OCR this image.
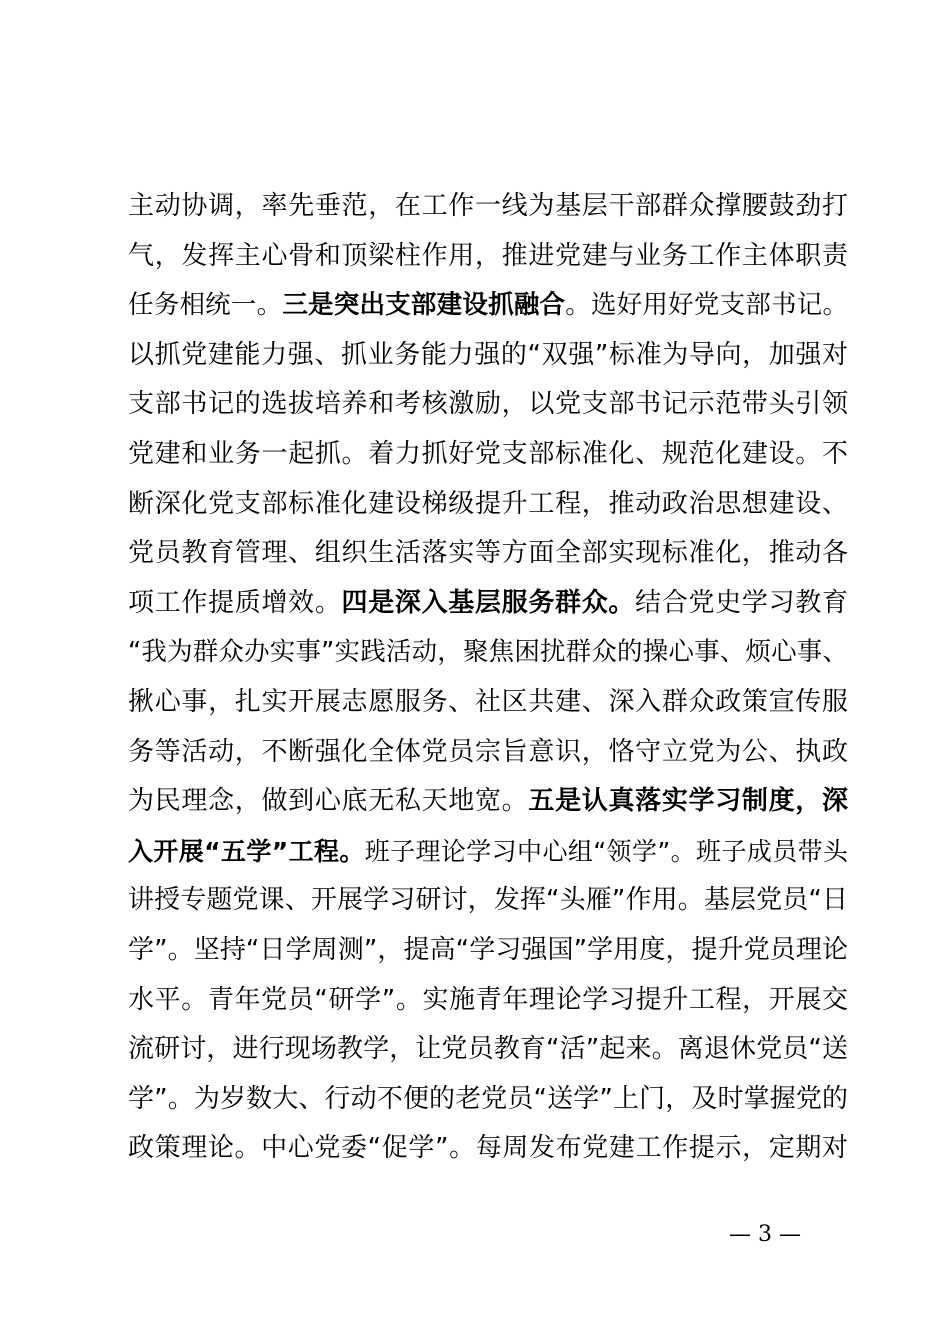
主动协调，率先垂范，在工作一线为基层干部群众撑腰鼓劲打
气，发挥主心骨和顶梁柱作用，推进党建与业务工作主体职责
任务相统一。三是突出支部建设抓融合。选好用好党支部书记。
以抓党建能力强、抓业务能力强的“双强”标准为导向，加强对
支部书记的选拔培养和考核激励，以党支部书记示范带头引领
党建和业务一起抓。着力抓好党支部标准化、规范化建设。不
断深化党支部标准化建设梯级提升工程，推动政治思想建设、
党员教育管理、组织生活落实等方面全部实现标准化，推动各
项工作提质增效。四是深入基层服务群众。结合党史学习教育
“我为群众办实事”实践活动，聚焦困扰群众的操心事、烦心事、
揪心事，扎实开展志愿服务、社区共建、深入群众政策宣传服
务等活动，不断强化全体党员宗旨意识，恪守立党为公、执政
为民理念，做到心底无私天地宽。五是认真落实学习制度，深
入开展“五学”工程。班子理论学习中心组“领学”。班子成员带头
讲授专题党课、开展学习研讨，发挥“头雁”作用。基层党员“日
学”。坚持“日学周测”，提高“学习强国”学用度，提升党员理论
水平。青年党员“研学”。实施青年理论学习提升工程，开展交
流研讨，进行现场教学，让党员教育“活”起来。离退休党员“送
学”。为岁数大、行动不便的老党员“送学”上门，及时掌握党的
政策理论。中心党委“促学”。每周发布党建工作提示，定期对
— 3 —
